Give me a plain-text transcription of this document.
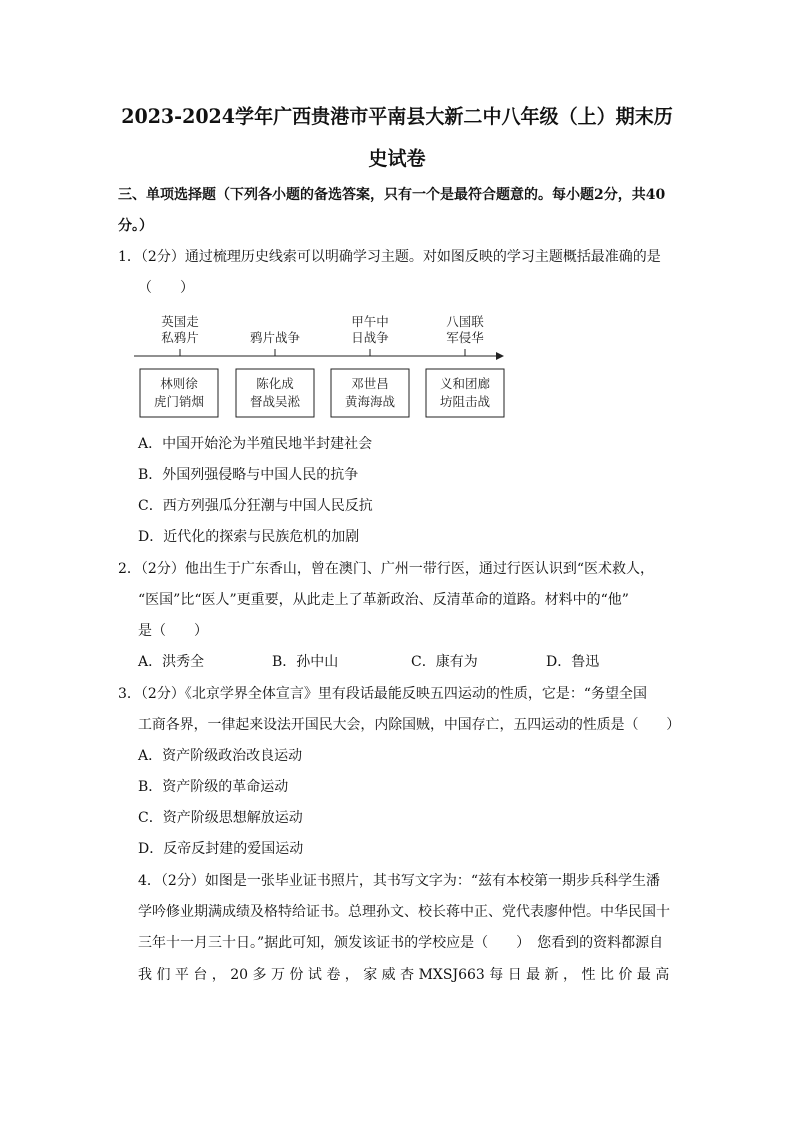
2023-2024学年广西贵港市平南县大新二中八年级（上）期末历
史试卷
三、单项选择题（下列各小题的备选答案，只有一个是最符合题意的。每小题2分，共40
分。）
1．（2分）通过梳理历史线索可以明确学习主题。对如图反映的学习主题概括最准确的是
（　　）
英国走
私鸦片	鸦片战争
甲午中
日战争
八国联
军侵华
林则徐
虎门销烟
陈化成
督战吴淞
邓世昌
黄海海战
义和团廊
坊阻击战
A．中国开始沦为半殖民地半封建社会
B．外国列强侵略与中国人民的抗争
C．西方列强瓜分狂潮与中国人民反抗
D．近代化的探索与民族危机的加剧
2．（2分）他出生于广东香山，曾在澳门、广州一带行医，通过行医认识到“医术救人，
“医国”比“医人”更重要，从此走上了革新政治、反清革命的道路。材料中的“他”
是（　　）
A．洪秀全	B．孙中山	C．康有为	D．鲁迅
3．（2分）《北京学界全体宣言》里有段话最能反映五四运动的性质，它是：“务望全国
工商各界，一律起来设法开国民大会，内除国贼，中国存亡，五四运动的性质是（　　）
A．资产阶级政治改良运动
B．资产阶级的革命运动
C．资产阶级思想解放运动
D．反帝反封建的爱国运动
4．（2分）如图是一张毕业证书照片，其书写文字为：“兹有本校第一期步兵科学生潘
学吟修业期满成绩及格特给证书。总理孙文、校长蒋中正、党代表廖仲恺。中华民国十
三年十一月三十日。”据此可知，颁发该证书的学校应是（　　）　您看到的资料都源自
我 们 平 台 ， 20 多 万 份 试 卷 ， 家 威 杏 MXSJ663 每 日 最 新 ， 性 比 价 最 高
